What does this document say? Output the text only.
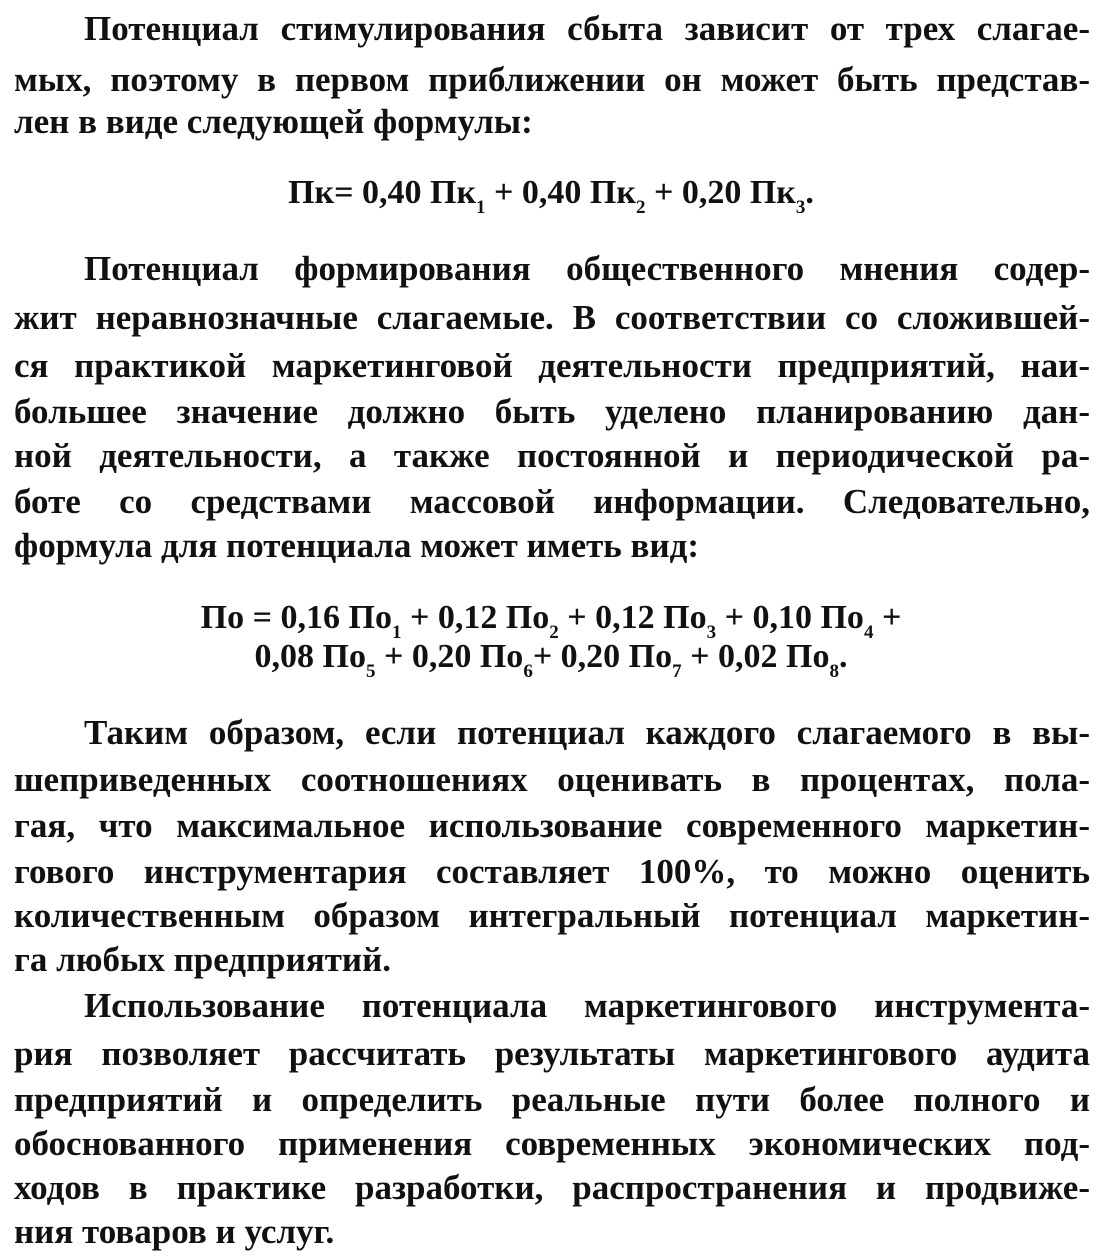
Потенциал стимулирования сбыта зависит от трех слагае-
мых, поэтому в первом приближении он может быть представ-
лен в виде следующей формулы:
Пк= 0,40 $Пк_1 + 0,40$ $Пк_2 + 0,20$ $Пк_3$.
Потенциал формирования общественного мнения содер-
жит неравнозначные слагаемые. В соответствии со сложившей-
ся практикой маркетинговой деятельности предприятий, наи-
большее значение должно быть уделено планированию дан-
ной деятельности, а также постоянной и периодической ра-
боте со средствами массовой информации. Следовательно,
формула для потенциала может иметь вид:
По = 0,16 $По_1 + 0,12$ $По_2 + 0,12$ $По_3 + 0,10$ $По_4$ +
0,08 $По_5 + 0,20$ $По_6+ 0,20$ $По_7 + 0,02$ $По_8$.
Таким образом, если потенциал каждого слагаемого в вы-
шеприведенных соотношениях оценивать в процентах, пола-
гая, что максимальное использование современного маркетин-
гового инструментария составляет 100%, то можно оценить
количественным образом интегральный потенциал маркетин-
га любых предприятий.
Использование потенциала маркетингового инструмента-
рия позволяет рассчитать результаты маркетингового аудита
предприятий и определить реальные пути более полного и
обоснованного применения современных экономических под-
ходов в практике разработки, распространения и продвиже-
ния товаров и услуг.
